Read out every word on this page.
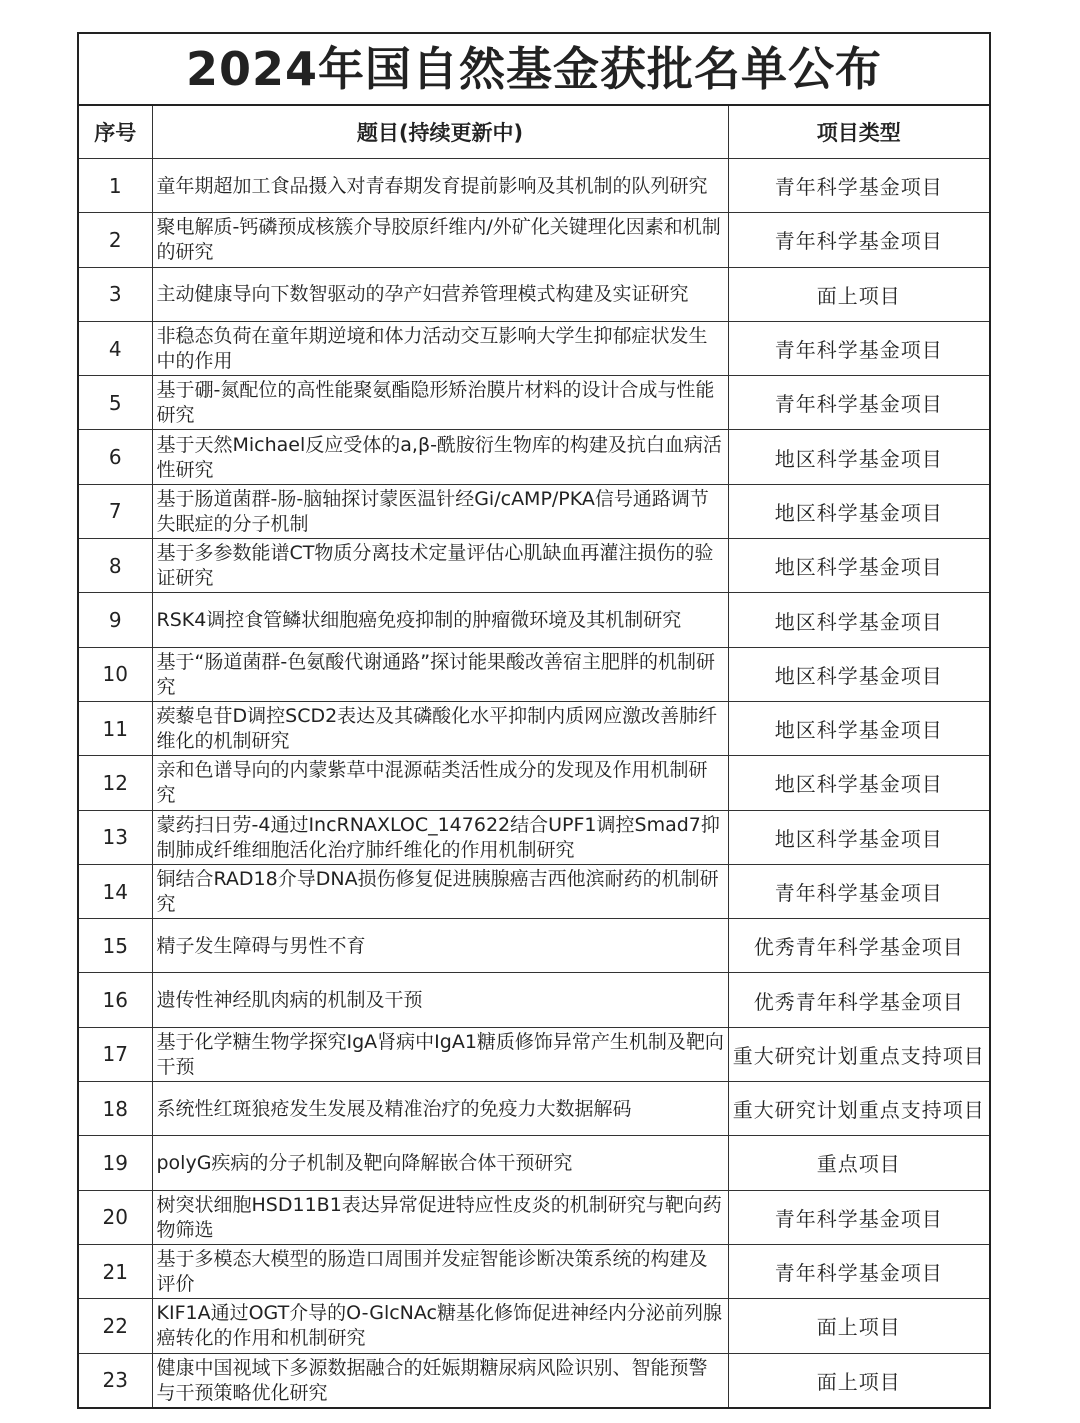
2024年国自然基金获批名单公布
序号	题目(持续更新中)	项目类型
1	童年期超加工食品摄入对青春期发育提前影响及其机制的队列研究	青年科学基金项目
2	聚电解质-钙磷预成核簇介导胶原纤维内/外矿化关键理化因素和机制的研究	青年科学基金项目
3	主动健康导向下数智驱动的孕产妇营养管理模式构建及实证研究	面上项目
4	非稳态负荷在童年期逆境和体力活动交互影响大学生抑郁症状发生中的作用	青年科学基金项目
5	基于硼-氮配位的高性能聚氨酯隐形矫治膜片材料的设计合成与性能研究	青年科学基金项目
6	基于天然Michael反应受体的a,β-酰胺衍生物库的构建及抗白血病活性研究	地区科学基金项目
7	基于肠道菌群-肠-脑轴探讨蒙医温针经Gi/cAMP/PKA信号通路调节失眠症的分子机制	地区科学基金项目
8	基于多参数能谱CT物质分离技术定量评估心肌缺血再灌注损伤的验证研究	地区科学基金项目
9	RSK4调控食管鳞状细胞癌免疫抑制的肿瘤微环境及其机制研究	地区科学基金项目
10	基于“肠道菌群-色氨酸代谢通路”探讨能果酸改善宿主肥胖的机制研究	地区科学基金项目
11	蒺藜皂苷D调控SCD2表达及其磷酸化水平抑制内质网应激改善肺纤维化的机制研究	地区科学基金项目
12	亲和色谱导向的内蒙紫草中混源萜类活性成分的发现及作用机制研究	地区科学基金项目
13	蒙药扫日劳-4通过IncRNAXLOC_147622结合UPF1调控Smad7抑制肺成纤维细胞活化治疗肺纤维化的作用机制研究	地区科学基金项目
14	铜结合RAD18介导DNA损伤修复促进胰腺癌吉西他滨耐药的机制研究	青年科学基金项目
15	精子发生障碍与男性不育	优秀青年科学基金项目
16	遗传性神经肌肉病的机制及干预	优秀青年科学基金项目
17	基于化学糖生物学探究IgA肾病中IgA1糖质修饰异常产生机制及靶向干预	重大研究计划重点支持项目
18	系统性红斑狼疮发生发展及精准治疗的免疫力大数据解码	重大研究计划重点支持项目
19	polyG疾病的分子机制及靶向降解嵌合体干预研究	重点项目
20	树突状细胞HSD11B1表达异常促进特应性皮炎的机制研究与靶向药物筛选	青年科学基金项目
21	基于多模态大模型的肠造口周围并发症智能诊断决策系统的构建及评价	青年科学基金项目
22	KIF1A通过OGT介导的O-GlcNAc糖基化修饰促进神经内分泌前列腺癌转化的作用和机制研究	面上项目
23	健康中国视域下多源数据融合的妊娠期糖尿病风险识别、智能预警与干预策略优化研究	面上项目
